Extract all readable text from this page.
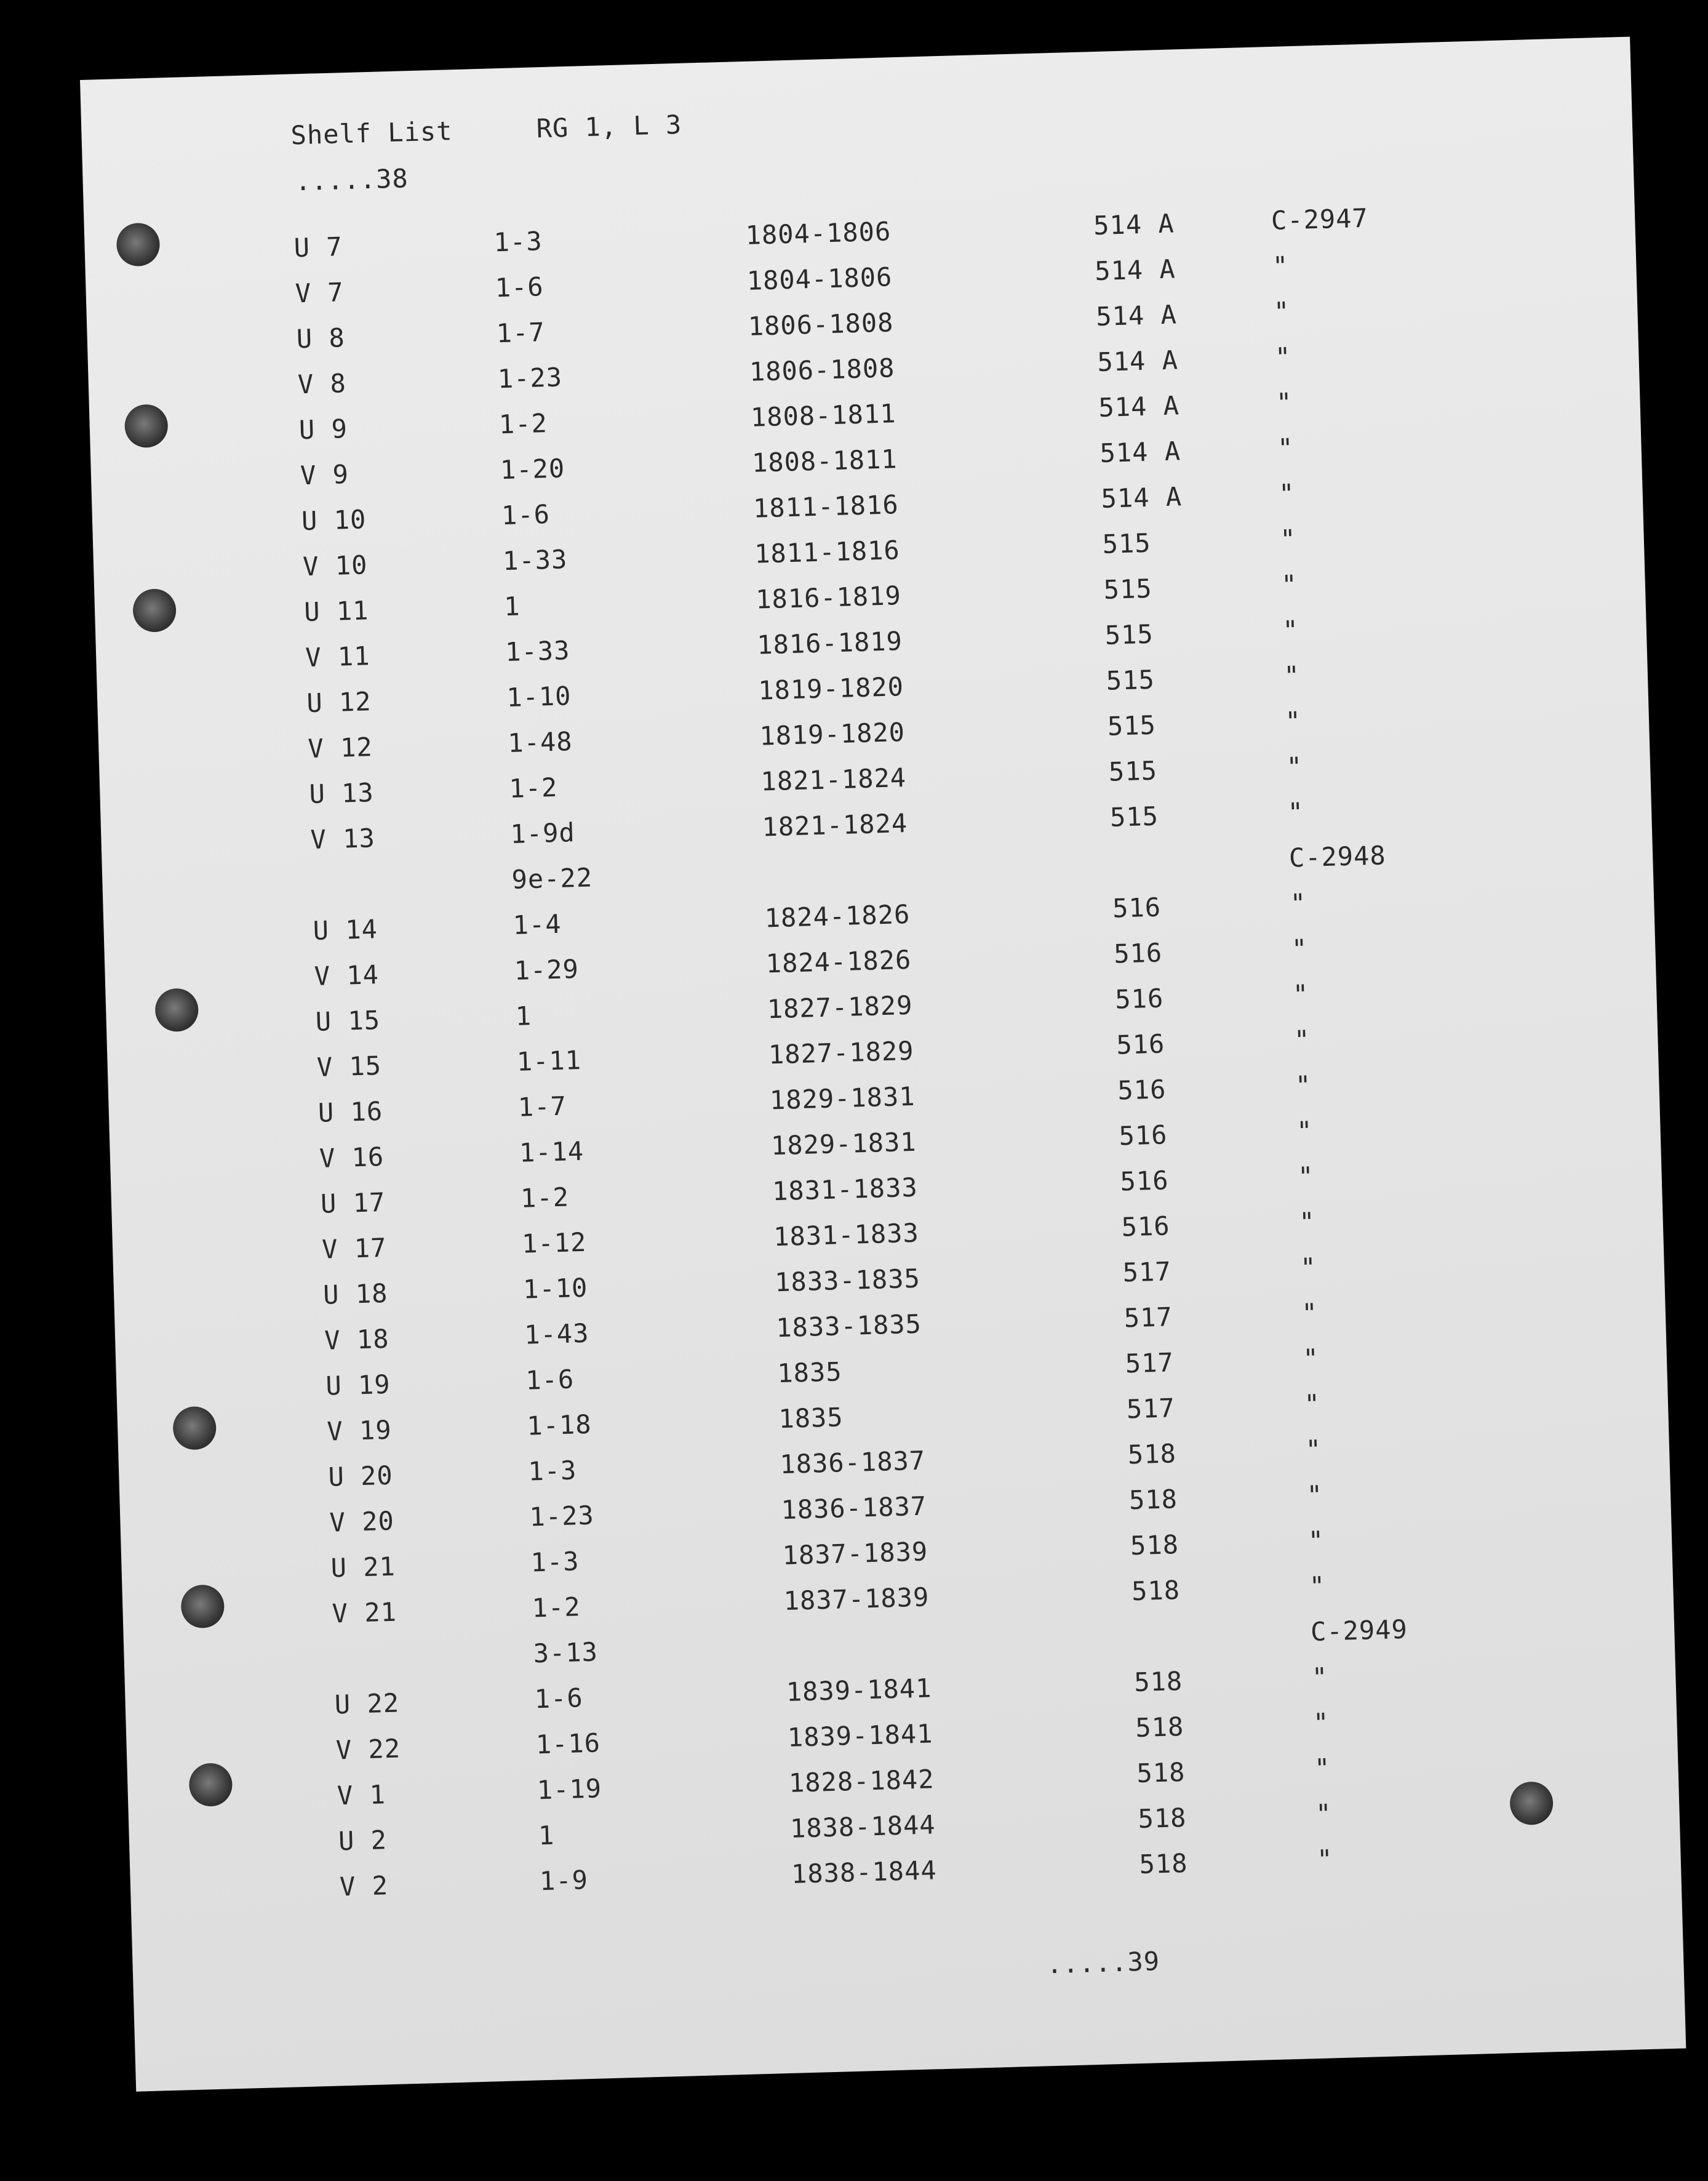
Shelf List	RG 1, L 3
.....38
U 7	1-3	1804-1806	514 A	C-2947
V 7	1-6	1804-1806	514 A	"
U 8	1-7	1806-1808	514 A	"
V 8	1-23	1806-1808	514 A	"
U 9	1-2	1808-1811	514 A	"
V 9	1-20	1808-1811	514 A	"
U 10	1-6	1811-1816	514 A	"
V 10	1-33	1811-1816	515	"
U 11	1	1816-1819	515	"
V 11	1-33	1816-1819	515	"
U 12	1-10	1819-1820	515	"
V 12	1-48	1819-1820	515	"
U 13	1-2	1821-1824	515	"
V 13	1-9d	1821-1824	515	"
	9e-22			C-2948
U 14	1-4	1824-1826	516	"
V 14	1-29	1824-1826	516	"
U 15	1	1827-1829	516	"
V 15	1-11	1827-1829	516	"
U 16	1-7	1829-1831	516	"
V 16	1-14	1829-1831	516	"
U 17	1-2	1831-1833	516	"
V 17	1-12	1831-1833	516	"
U 18	1-10	1833-1835	517	"
V 18	1-43	1833-1835	517	"
U 19	1-6	1835	517	"
V 19	1-18	1835	517	"
U 20	1-3	1836-1837	518	"
V 20	1-23	1836-1837	518	"
U 21	1-3	1837-1839	518	"
V 21	1-2	1837-1839	518	"
	3-13			C-2949
U 22	1-6	1839-1841	518	"
V 22	1-16	1839-1841	518	"
V 1	1-19	1828-1842	518	"
U 2	1	1838-1844	518	"
V 2	1-9	1838-1844	518	"
.....39
